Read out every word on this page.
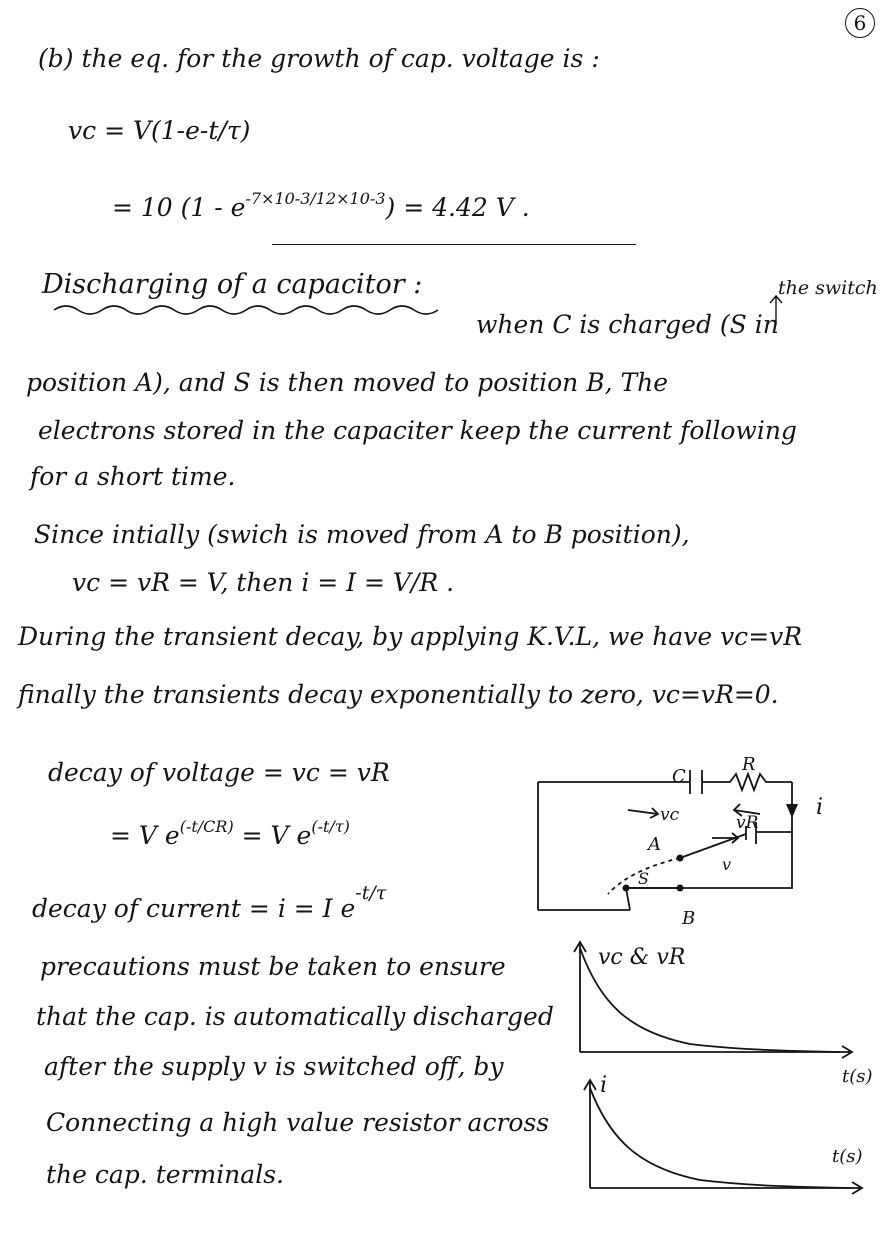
6
(b) the eq. for the growth of cap. voltage is :
vc = V(1-e-t/τ)
= 10 $(1 - e^{-7\times 10-3/12\times 10-3}) = 4.42$ V .
Discharging of a capacitor :	the switch
when C is charged (S in
position A), and S is then moved to position B, The
electrons stored in the capaciter keep the current following
for a short time.
Since intially (swich is moved from A to B position),
vc = vR = V, then i = I = V/R .
During the transient decay, by applying K.V.L, we have vc=vR
finally the transients decay exponentially to zero, vc=vR=0.
decay of voltage = vc = vR
= V $e^{(-t/CR)} = V$ $e^{(-t/\tau)}$
decay of current = i = I $e^{-t/\tau}$
precautions must be taken to ensure
that the cap. is automatically discharged
after the supply v is switched off, by
Connecting a high value resistor across
the cap. terminals.
C
R
vc	vR
i
A
v
S
B
vc & vR
t(s)
i
t(s)
